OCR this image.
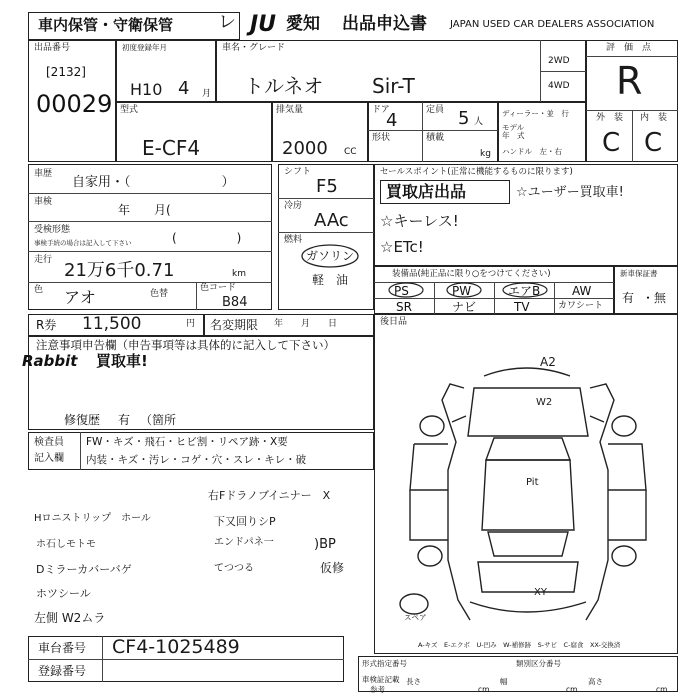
車内保管・守衛保管 レ JU 愛知 出品申込書 JAPAN USED CAR DEALERS ASSOCIATION
出品番号
[2132]
00029
初度登録年月
H10 4 月
車名・グレード
トルネオ Sir-T
2WD
4WD
評　価　点
R
外　装 内　装
C C
型式
E-CF4
排気量
2000 CC
ドア
4
形状
定員 5 人
積載
kg
ディーラー・並　行
モデル
年　式
ハンドル　左・右
車歴
自家用・（　　　　　　　）
車検
年　　月(
受検形態
事検手続の場合は記入して下さい	(　　　　　)
走行 21万6千0.71	km
色 アオ	色替
色コード
B84
シフト
F5
冷房
AAc
燃料
ガソリン
軽　油
セールスポイント(正常に機能するものに限ります)
買取店出品	☆ユーザー買取車!
☆キーレス!
☆ETc!
装備品(純正品に限り○をつけてください)
PS	PW	エアB	AW
SR	ナビ	TV	カワシート
新車保証書
有 ・無
R券 11,500	円 名変期限 年　　月　　日
注意事項申告欄（申告事項等は具体的に記入して下さい）
Rabbit 買取車!
修復歴 有 （箇所
検査員
記入欄
FW・キズ・飛石・ヒビ割・リペア跡・X要
内装・キズ・汚レ・コゲ・穴・スレ・キレ・破
右Fドラノブイニナー　X
Hロニストリップ　ホール	下又回りシP
ホ石しモトモ	エンドパネ一	)BP
仮修
Dミラーカバーバゲ	てつつる
ホツシール
左側 W2ムラ
後日品
A2
W2
Pit
XY
スペア
A-キズ　E-エクボ　U-凹み　W-補修跡　S-サビ　C-腐食　XX-交換済
車台番号 CF4-1025489
登録番号
形式指定番号	類別区分番号
車検証記載
参考
長さ
cm
幅
cm
高さ
cm
